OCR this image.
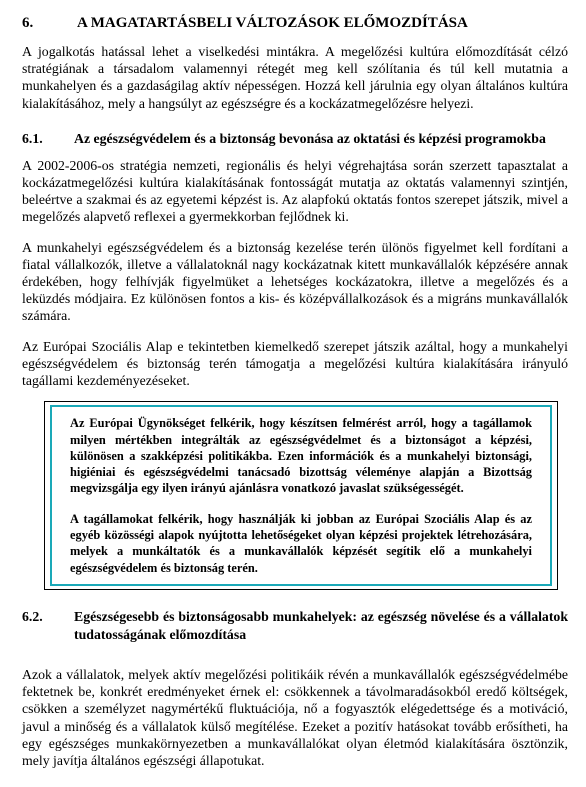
6.	A MAGATARTÁSBELI VÁLTOZÁSOK ELŐMOZDÍTÁSA

A jogalkotás hatással lehet a viselkedési mintákra. A megelőzési kultúra előmozdítását célzó stratégiának a társadalom valamennyi rétegét meg kell szólítania és túl kell mutatnia a munkahelyen és a gazdaságilag aktív népességen. Hozzá kell járulnia egy olyan általános kultúra kialakításához, mely a hangsúlyt az egészségre és a kockázatmegelőzésre helyezi.

6.1.	Az egészségvédelem és a biztonság bevonása az oktatási és képzési programokba

A 2002-2006-os stratégia nemzeti, regionális és helyi végrehajtása során szerzett tapasztalat a kockázatmegelőzési kultúra kialakításának fontosságát mutatja az oktatás valamennyi szintjén, beleértve a szakmai és az egyetemi képzést is. Az alapfokú oktatás fontos szerepet játszik, mivel a megelőzés alapvető reflexei a gyermekkorban fejlődnek ki.

A munkahelyi egészségvédelem és a biztonság kezelése terén ülönös figyelmet kell fordítani a fiatal vállalkozók, illetve a vállalatoknál nagy kockázatnak kitett munkavállalók képzésére annak érdekében, hogy felhívják figyelmüket a lehetséges kockázatokra, illetve a megelőzés és a leküzdés módjaira. Ez különösen fontos a kis- és középvállalkozások és a migráns munkavállalók számára.

Az Európai Szociális Alap e tekintetben kiemelkedő szerepet játszik azáltal, hogy a munkahelyi egészségvédelem és biztonság terén támogatja a megelőzési kultúra kialakítására irányuló tagállami kezdeményezéseket.

Az Európai Ügynökséget felkérik, hogy készítsen felmérést arról, hogy a tagállamok milyen mértékben integrálták az egészségvédelmet és a biztonságot a képzési, különösen a szakképzési politikákba. Ezen információk és a munkahelyi biztonsági, higiéniai és egészségvédelmi tanácsadó bizottság véleménye alapján a Bizottság megvizsgálja egy ilyen irányú ajánlásra vonatkozó javaslat szükségességét.

A tagállamokat felkérik, hogy használják ki jobban az Európai Szociális Alap és az egyéb közösségi alapok nyújtotta lehetőségeket olyan képzési projektek létrehozására, melyek a munkáltatók és a munkavállalók képzését segítik elő a munkahelyi egészségvédelem és biztonság terén.

6.2.	Egészségesebb és biztonságosabb munkahelyek: az egészség növelése és a vállalatok tudatosságának előmozdítása

Azok a vállalatok, melyek aktív megelőzési politikáik révén a munkavállalók egészségvédelmébe fektetnek be, konkrét eredményeket érnek el: csökkennek a távolmaradásokból eredő költségek, csökken a személyzet nagymértékű fluktuációja, nő a fogyasztók elégedettsége és a motiváció, javul a minőség és a vállalatok külső megítélése. Ezeket a pozitív hatásokat tovább erősítheti, ha egy egészséges munkakörnyezetben a munkavállalókat olyan életmód kialakítására ösztönzik, mely javítja általános egészségi állapotukat.
